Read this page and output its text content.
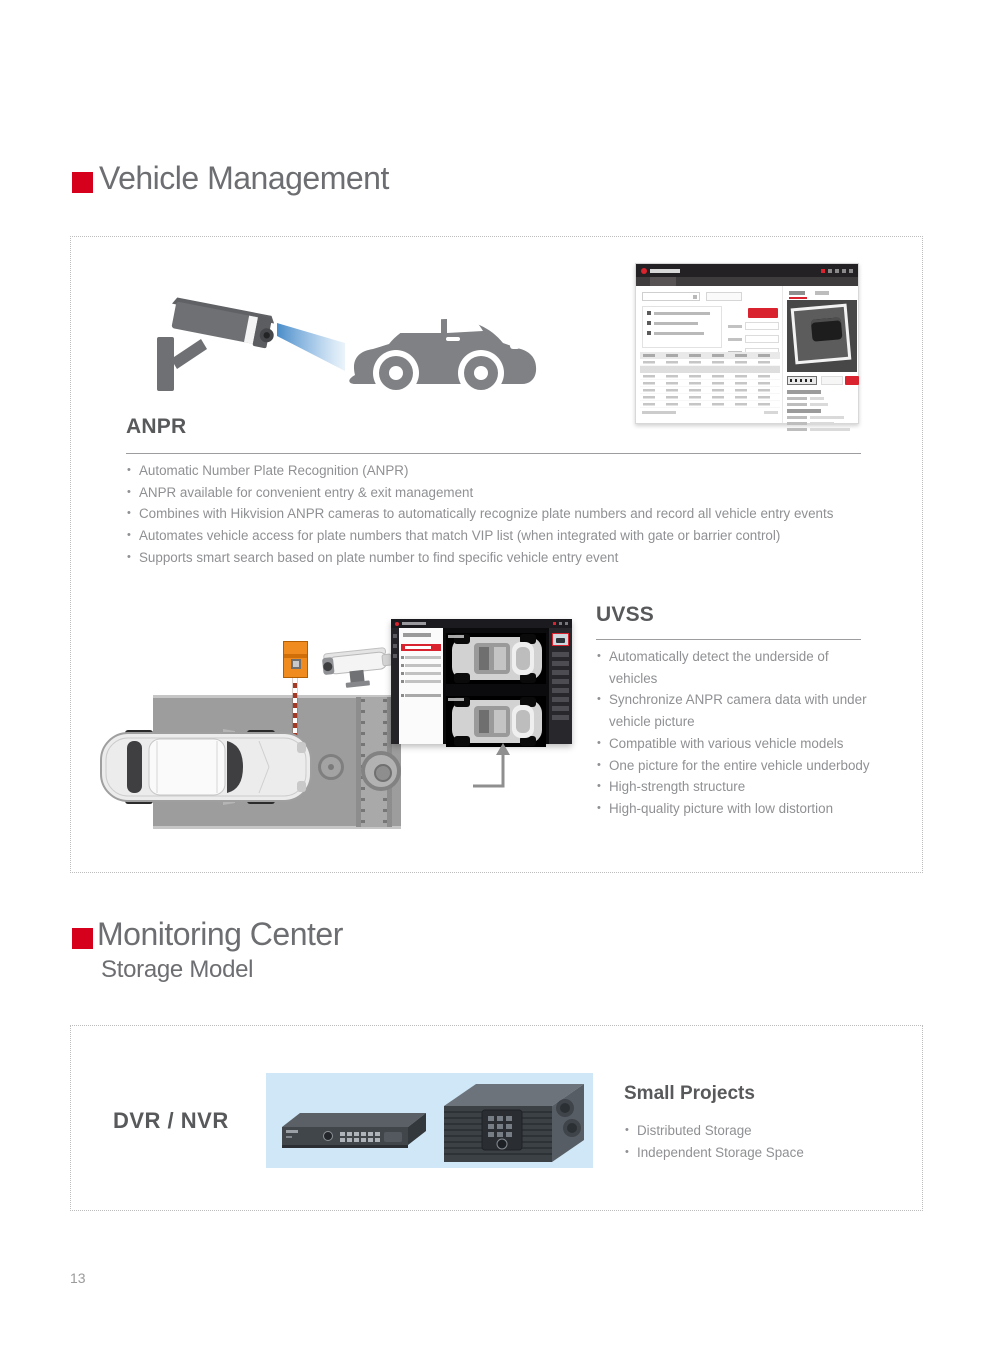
Vehicle Management
ANPR
• Automatic Number Plate Recognition (ANPR)
• ANPR available for convenient entry & exit management
• Combines with Hikvision ANPR cameras to automatically recognize plate numbers and record all vehicle entry events
• Automates vehicle access for plate numbers that match VIP list (when integrated with gate or barrier control)
• Supports smart search based on plate number to find specific vehicle entry event
UVSS
• Automatically detect the underside of vehicles
• Synchronize ANPR camera data with under vehicle picture
• Compatible with various vehicle models
• One picture for the entire vehicle underbody
• High-strength structure
• High-quality picture with low distortion
Monitoring Center
Storage Model
DVR / NVR
Small Projects
• Distributed Storage
• Independent Storage Space
13
